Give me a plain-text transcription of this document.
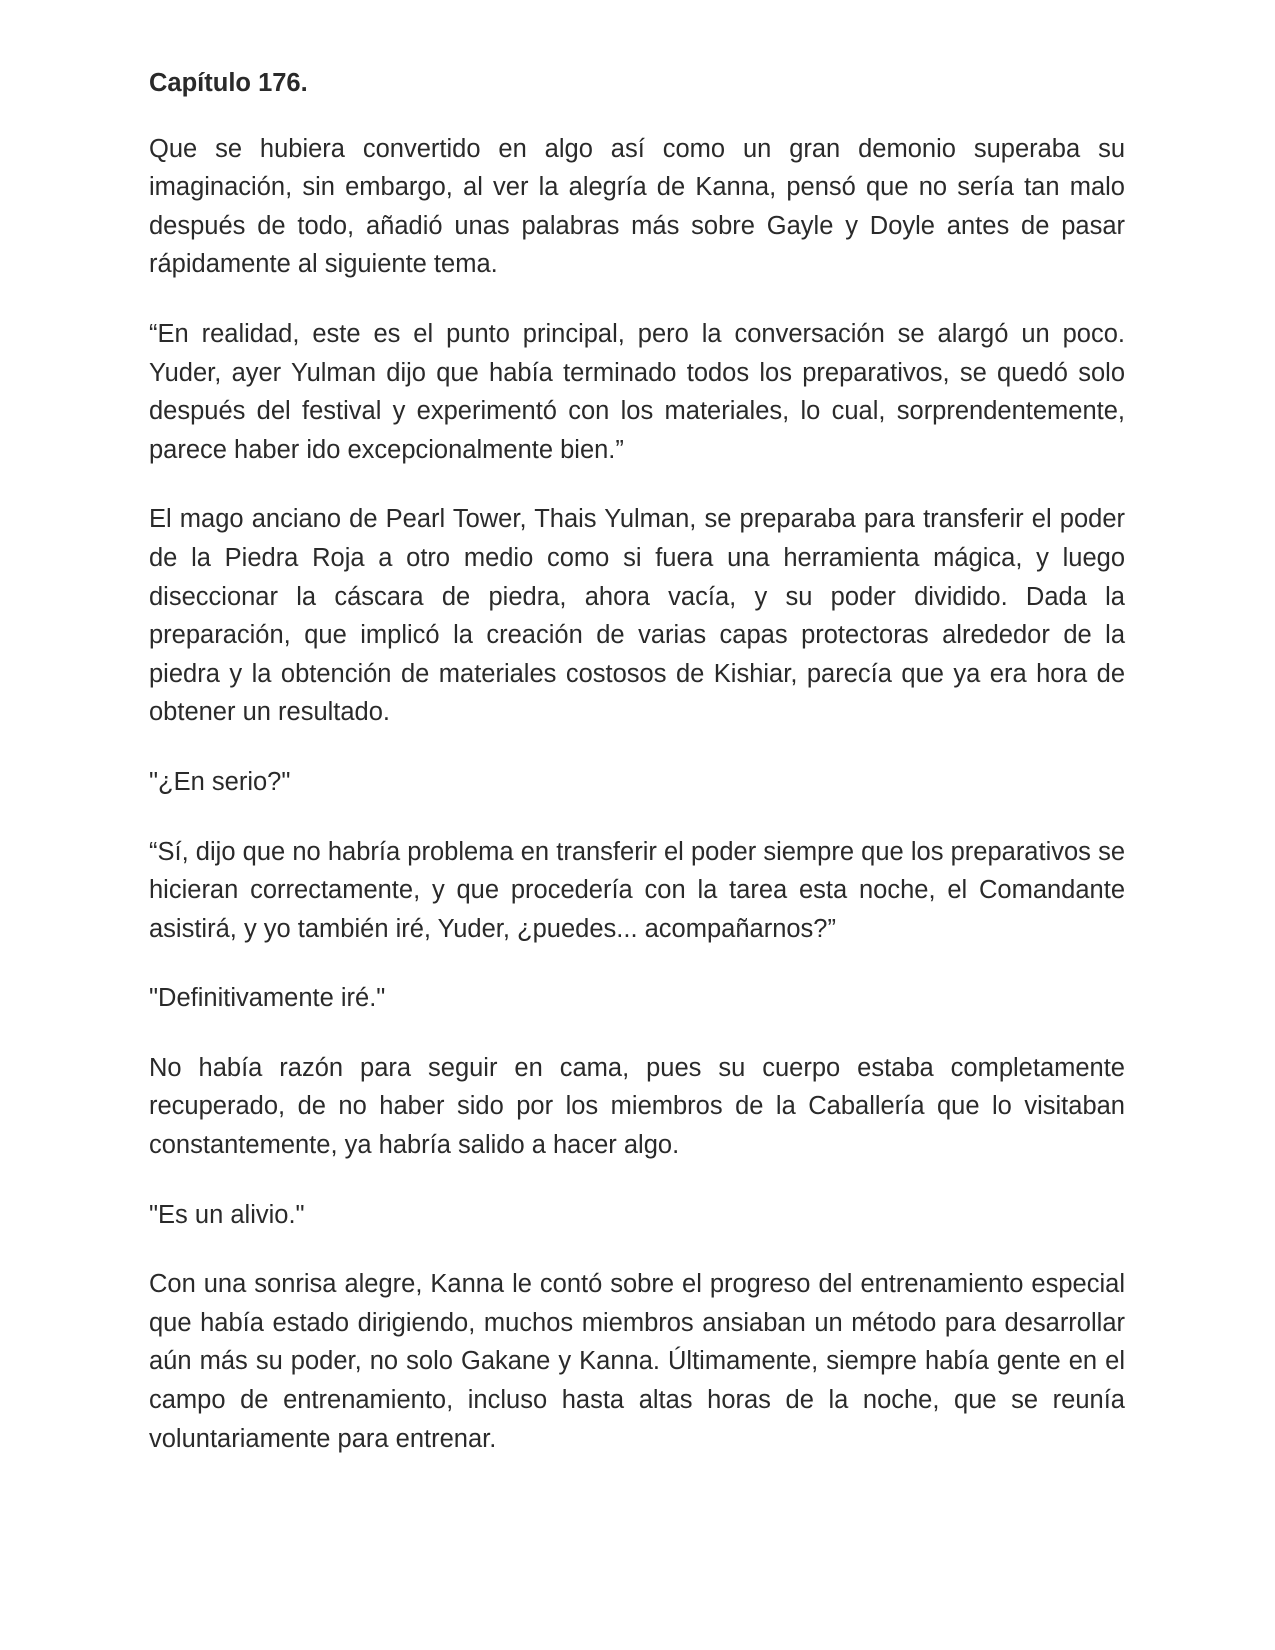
Capítulo 176.

Que se hubiera convertido en algo así como un gran demonio superaba su imaginación, sin embargo, al ver la alegría de Kanna, pensó que no sería tan malo después de todo, añadió unas palabras más sobre Gayle y Doyle antes de pasar rápidamente al siguiente tema.

“En realidad, este es el punto principal, pero la conversación se alargó un poco. Yuder, ayer Yulman dijo que había terminado todos los preparativos, se quedó solo después del festival y experimentó con los materiales, lo cual, sorprendentemente, parece haber ido excepcionalmente bien.”

El mago anciano de Pearl Tower, Thais Yulman, se preparaba para transferir el poder de la Piedra Roja a otro medio como si fuera una herramienta mágica, y luego diseccionar la cáscara de piedra, ahora vacía, y su poder dividido. Dada la preparación, que implicó la creación de varias capas protectoras alrededor de la piedra y la obtención de materiales costosos de Kishiar, parecía que ya era hora de obtener un resultado.

"¿En serio?"

“Sí, dijo que no habría problema en transferir el poder siempre que los preparativos se hicieran correctamente, y que procedería con la tarea esta noche, el Comandante asistirá, y yo también iré, Yuder, ¿puedes... acompañarnos?”

"Definitivamente iré."

No había razón para seguir en cama, pues su cuerpo estaba completamente recuperado, de no haber sido por los miembros de la Caballería que lo visitaban constantemente, ya habría salido a hacer algo.

"Es un alivio."

Con una sonrisa alegre, Kanna le contó sobre el progreso del entrenamiento especial que había estado dirigiendo, muchos miembros ansiaban un método para desarrollar aún más su poder, no solo Gakane y Kanna. Últimamente, siempre había gente en el campo de entrenamiento, incluso hasta altas horas de la noche, que se reunía voluntariamente para entrenar.
